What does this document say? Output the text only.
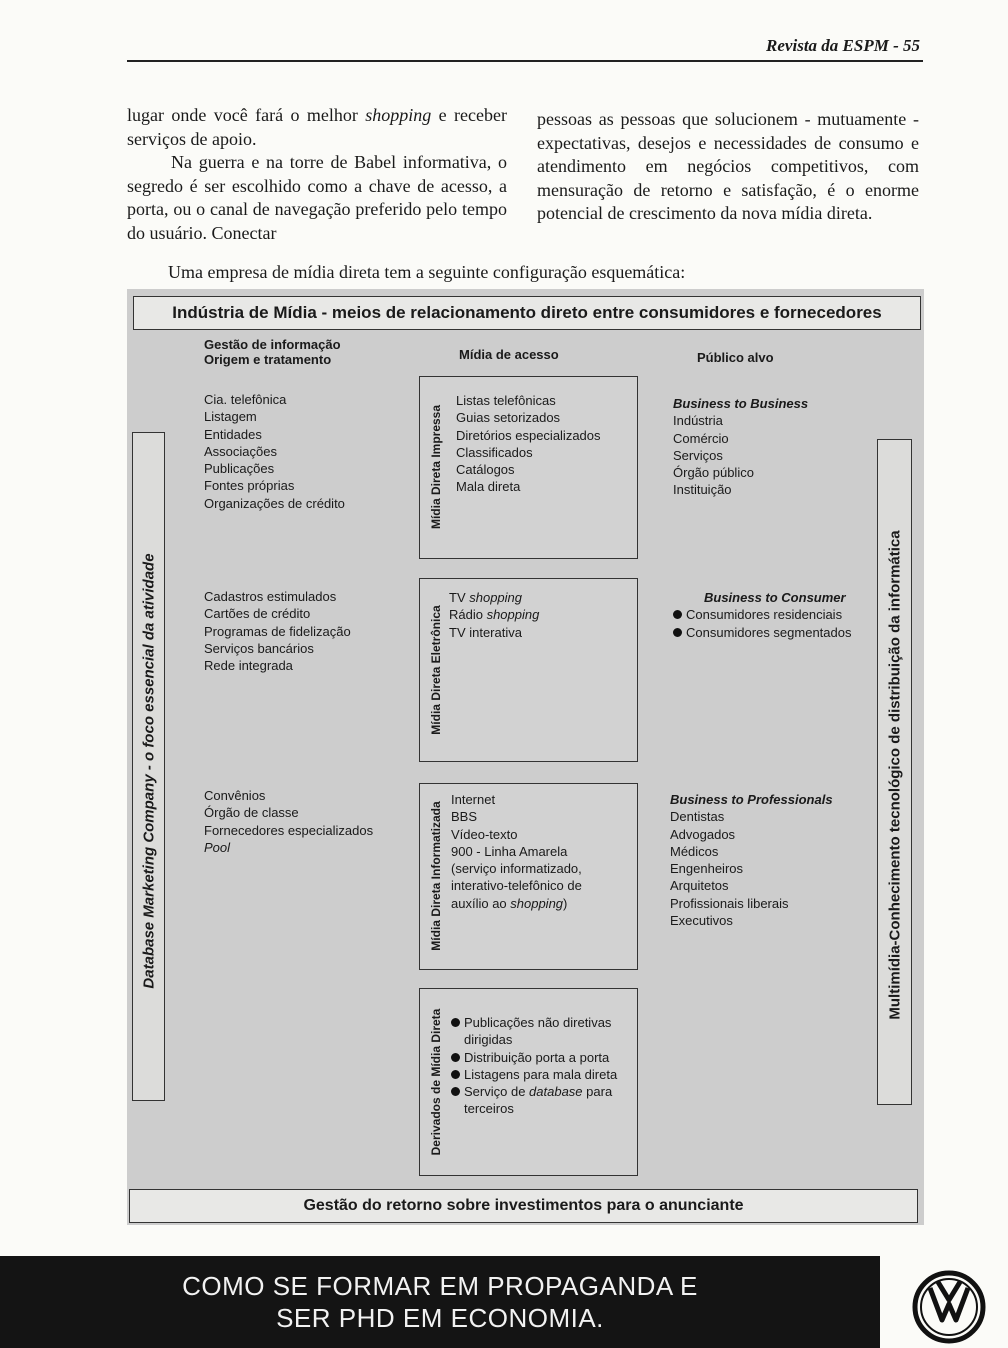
Revista da ESPM - 55

lugar onde você fará o melhor shopping e receber serviços de apoio.

Na guerra e na torre de Babel informativa, o segredo é ser escolhido como a chave de acesso, a porta, ou o canal de navegação preferido pelo tempo do usuário. Conectar

pessoas as pessoas que solucionem - mutuamente - expectativas, desejos e necessidades de consumo e atendimento em negócios competitivos, com mensuração de retorno e satisfação, é o enorme potencial de crescimento da nova mídia direta.

Uma empresa de mídia direta tem a seguinte configuração esquemática:
Indústria de Mídia - meios de relacionamento direto entre consumidores e fornecedores
Database Marketing Company - o foco essencial da atividade	Multimídia-Conhecimento tecnológico de distribuição da informática
Gestão de informação
Origem e tratamento	Mídia de acesso	Público alvo
Cia. telefônica
Listagem
Entidades
Associações
Publicações
Fontes próprias
Organizações de crédito	Mídia Direta Impressa
Listas telefônicas
Guias setorizados
Diretórios especializados
Classificados
Catálogos
Mala direta
Business to Business
Indústria
Comércio
Serviços
Órgão público
Instituição
Cadastros estimulados
Cartões de crédito
Programas de fidelização
Serviços bancários
Rede integrada	Mídia Direta Eletrônica
TV shopping
Rádio shopping
TV interativa
Business to Consumer
Consumidores residenciais
Consumidores segmentados
Convênios
Órgão de classe
Fornecedores especializados
Pool	Mídia Direta Informatizada
Internet
BBS
Vídeo-texto
900 - Linha Amarela
(serviço informatizado,
interativo-telefônico de
auxílio ao shopping)
Business to Professionals
Dentistas
Advogados
Médicos
Engenheiros
Arquitetos
Profissionais liberais
Executivos
Derivados de Mídia Direta	Publicações não diretivas
dirigidas
Distribuição porta a porta
Listagens para mala direta
Serviço de database para
terceiros
Gestão do retorno sobre investimentos para o anunciante
COMO SE FORMAR EM PROPAGANDA E
SER PHD EM ECONOMIA.
